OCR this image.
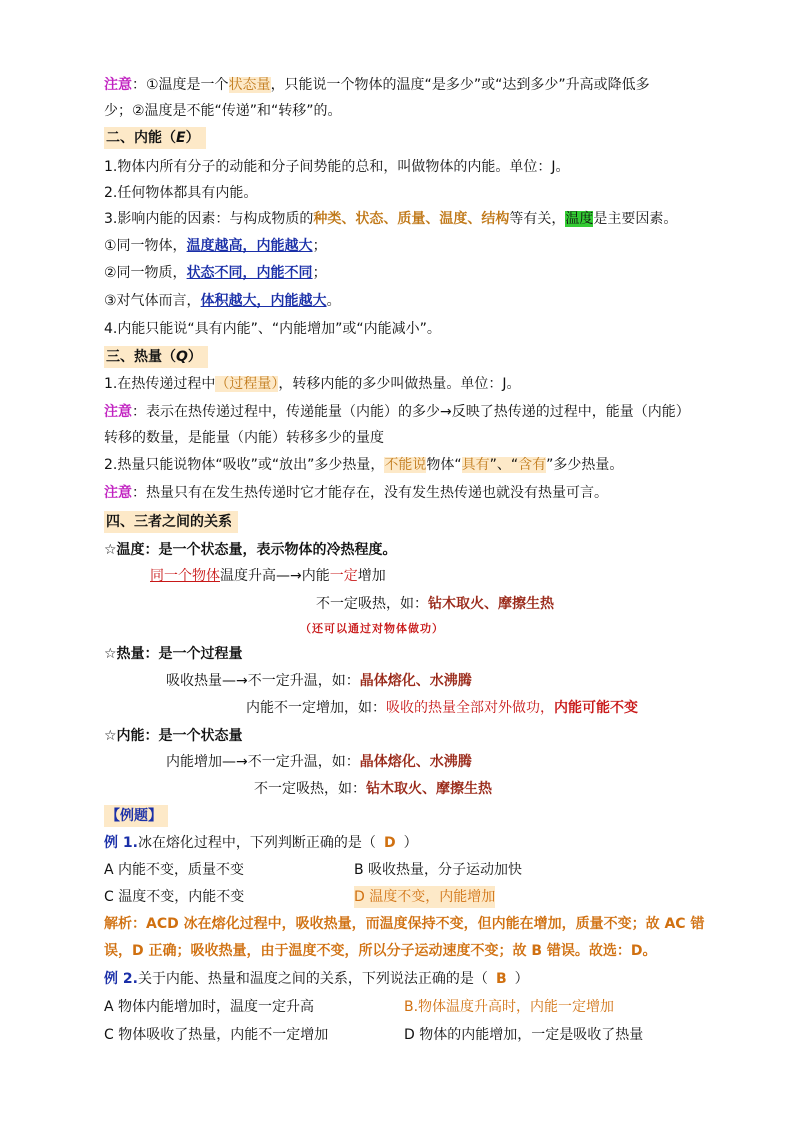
注意：①温度是一个状态量，只能说一个物体的温度“是多少”或“达到多少”升高或降低多
少；②温度是不能“传递”和“转移”的。
二、内能（E）
1.物体内所有分子的动能和分子间势能的总和，叫做物体的内能。单位：J。
2.任何物体都具有内能。
3.影响内能的因素：与构成物质的种类、状态、质量、温度、结构等有关，温度是主要因素。
①同一物体，温度越高，内能越大；
②同一物质，状态不同，内能不同；
③对气体而言，体积越大，内能越大。
4.内能只能说“具有内能”、“内能增加”或“内能减小”。
三、热量（Q）
1.在热传递过程中（过程量），转移内能的多少叫做热量。单位：J。
注意：表示在热传递过程中，传递能量（内能）的多少→反映了热传递的过程中，能量（内能）
转移的数量，是能量（内能）转移多少的量度
2.热量只能说物体“吸收”或“放出”多少热量，不能说物体“具有”、“含有”多少热量。
注意：热量只有在发生热传递时它才能存在，没有发生热传递也就没有热量可言。
四、三者之间的关系
☆温度：是一个状态量，表示物体的冷热程度。
同一个物体温度升高—→内能一定增加
不一定吸热，如：钻木取火、摩擦生热
（还可以通过对物体做功）
☆热量：是一个过程量
吸收热量—→不一定升温，如：晶体熔化、水沸腾
内能不一定增加，如：吸收的热量全部对外做功，内能可能不变
☆内能：是一个状态量
内能增加—→不一定升温，如：晶体熔化、水沸腾
不一定吸热，如：钻木取火、摩擦生热
【例题】
例 1.冰在熔化过程中，下列判断正确的是（ D ）
A 内能不变，质量不变	B 吸收热量，分子运动加快
C 温度不变，内能不变	D 温度不变，内能增加
解析：ACD 冰在熔化过程中，吸收热量，而温度保持不变，但内能在增加，质量不变；故 AC 错
误，D 正确；吸收热量，由于温度不变，所以分子运动速度不变；故 B 错误。故选：D。
例 2.关于内能、热量和温度之间的关系，下列说法正确的是（ B ）
A 物体内能增加时，温度一定升高	B.物体温度升高时，内能一定增加
C 物体吸收了热量，内能不一定增加	D 物体的内能增加，一定是吸收了热量
